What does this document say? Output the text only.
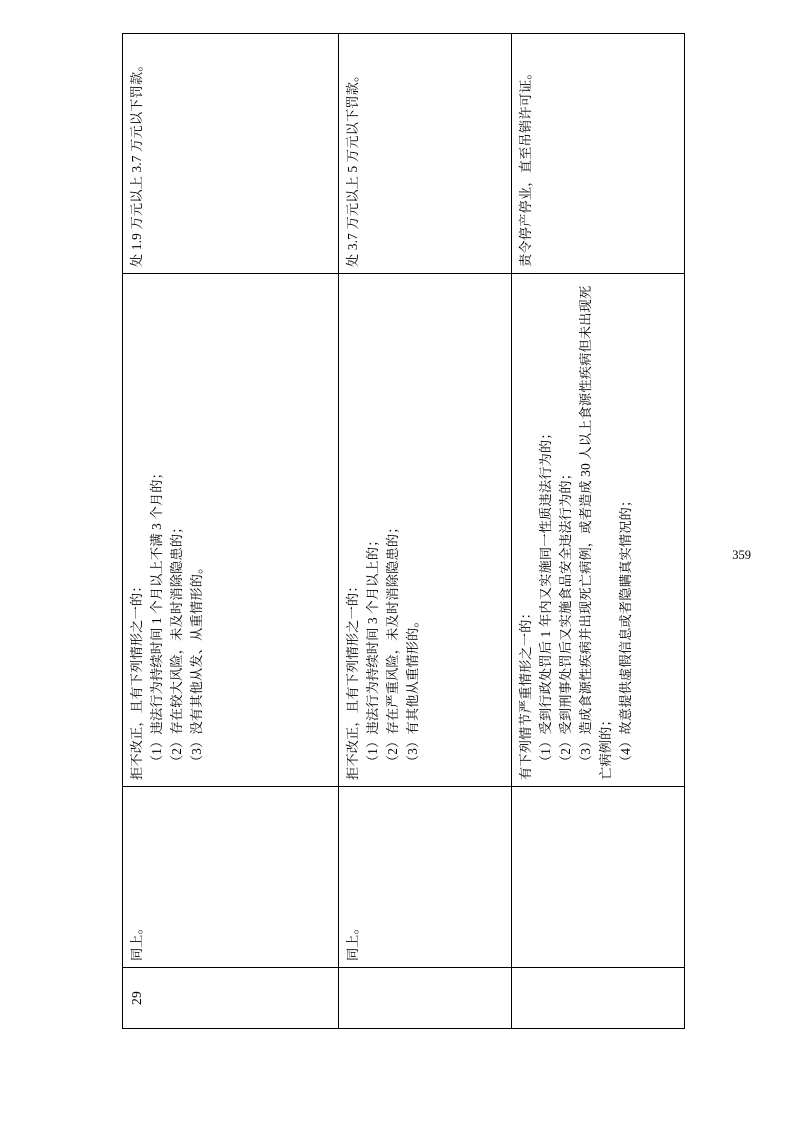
359
29	同上。	拒不改正，且有下列情形之一的： （1）违法行为持续时间 1 个月以上不满 3 个月的； （2）存在较大风险，未及时消除隐患的； （3）没有其他从发、从重情形的。	处 1.9 万元以上 3.7 万元以下罚款。

	同上。	拒不改正，且有下列情形之一的： （1）违法行为持续时间 3 个月以上的； （2）存在严重风险，未及时消除隐患的； （3）有其他从重情形的。	处 3.7 万元以上 5 万元以下罚款。

		有下列情节严重情形之一的： （1）受到行政处罚后 1 年内又实施同一性质违法行为的； （2）受到刑事处罚后又实施食品安全违法行为的； （3）造成食源性疾病并出现死亡病例，或者造成 30 人以上食源性疾病但未出现死亡病例的； （4）故意提供虚假信息或者隐瞒真实情况的；	责令停产停业，直至吊销许可证。
